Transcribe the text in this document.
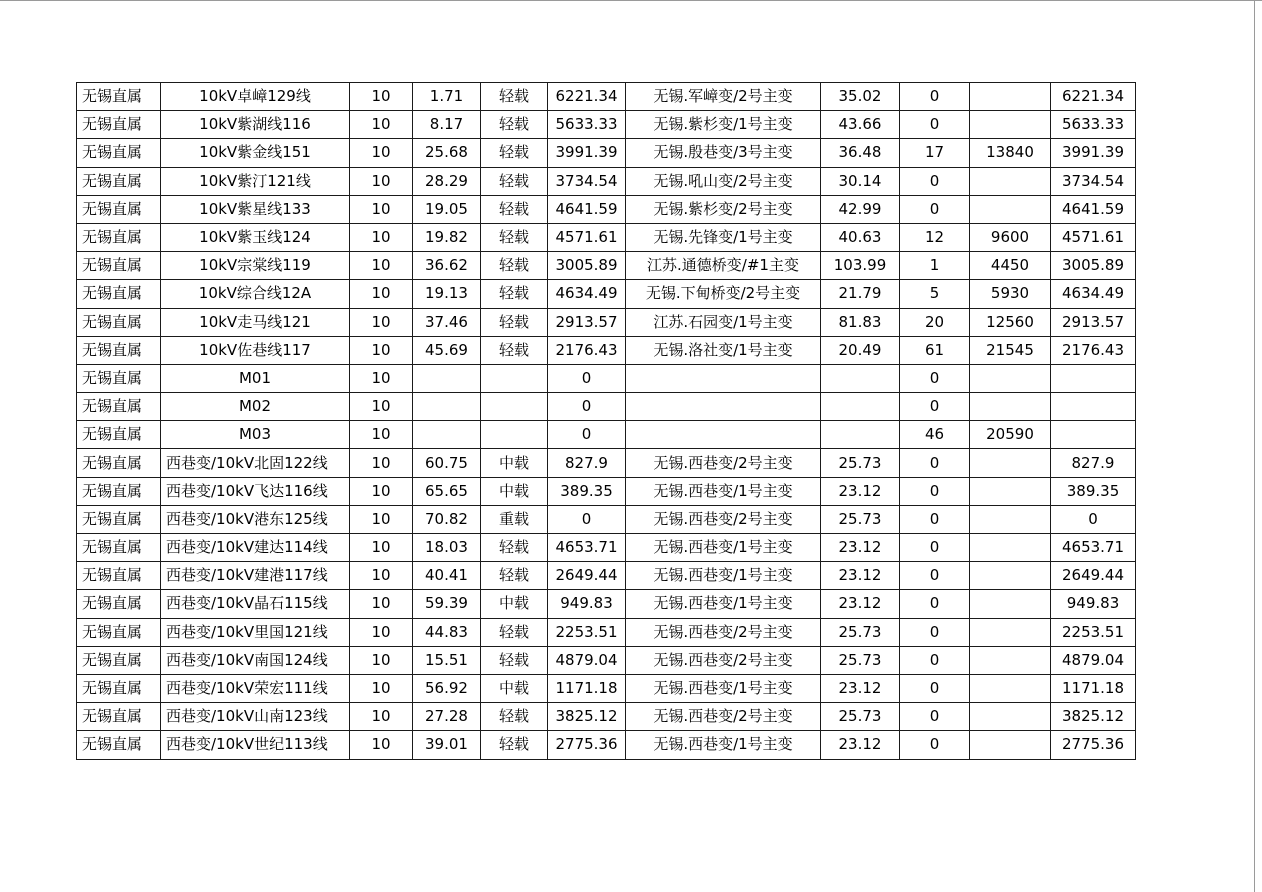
无锡直属	10kV卓嶂129线	10	1.71	轻载	6221.34	无锡.军嶂变/2号主变	35.02	0		6221.34
无锡直属	10kV紫湖线116	10	8.17	轻载	5633.33	无锡.紫杉变/1号主变	43.66	0		5633.33
无锡直属	10kV紫金线151	10	25.68	轻载	3991.39	无锡.殷巷变/3号主变	36.48	17	13840	3991.39
无锡直属	10kV紫汀121线	10	28.29	轻载	3734.54	无锡.吼山变/2号主变	30.14	0		3734.54
无锡直属	10kV紫星线133	10	19.05	轻载	4641.59	无锡.紫杉变/2号主变	42.99	0		4641.59
无锡直属	10kV紫玉线124	10	19.82	轻载	4571.61	无锡.先锋变/1号主变	40.63	12	9600	4571.61
无锡直属	10kV宗棠线119	10	36.62	轻载	3005.89	江苏.通德桥变/#1主变	103.99	1	4450	3005.89
无锡直属	10kV综合线12A	10	19.13	轻载	4634.49	无锡.下甸桥变/2号主变	21.79	5	5930	4634.49
无锡直属	10kV走马线121	10	37.46	轻载	2913.57	江苏.石园变/1号主变	81.83	20	12560	2913.57
无锡直属	10kV佐巷线117	10	45.69	轻载	2176.43	无锡.洛社变/1号主变	20.49	61	21545	2176.43
无锡直属	M01	10			0			0		
无锡直属	M02	10			0			0		
无锡直属	M03	10			0			46	20590	
无锡直属	西巷变/10kV北固122线	10	60.75	中载	827.9	无锡.西巷变/2号主变	25.73	0		827.9
无锡直属	西巷变/10kV飞达116线	10	65.65	中载	389.35	无锡.西巷变/1号主变	23.12	0		389.35
无锡直属	西巷变/10kV港东125线	10	70.82	重载	0	无锡.西巷变/2号主变	25.73	0		0
无锡直属	西巷变/10kV建达114线	10	18.03	轻载	4653.71	无锡.西巷变/1号主变	23.12	0		4653.71
无锡直属	西巷变/10kV建港117线	10	40.41	轻载	2649.44	无锡.西巷变/1号主变	23.12	0		2649.44
无锡直属	西巷变/10kV晶石115线	10	59.39	中载	949.83	无锡.西巷变/1号主变	23.12	0		949.83
无锡直属	西巷变/10kV里国121线	10	44.83	轻载	2253.51	无锡.西巷变/2号主变	25.73	0		2253.51
无锡直属	西巷变/10kV南国124线	10	15.51	轻载	4879.04	无锡.西巷变/2号主变	25.73	0		4879.04
无锡直属	西巷变/10kV荣宏111线	10	56.92	中载	1171.18	无锡.西巷变/1号主变	23.12	0		1171.18
无锡直属	西巷变/10kV山南123线	10	27.28	轻载	3825.12	无锡.西巷变/2号主变	25.73	0		3825.12
无锡直属	西巷变/10kV世纪113线	10	39.01	轻载	2775.36	无锡.西巷变/1号主变	23.12	0		2775.36
